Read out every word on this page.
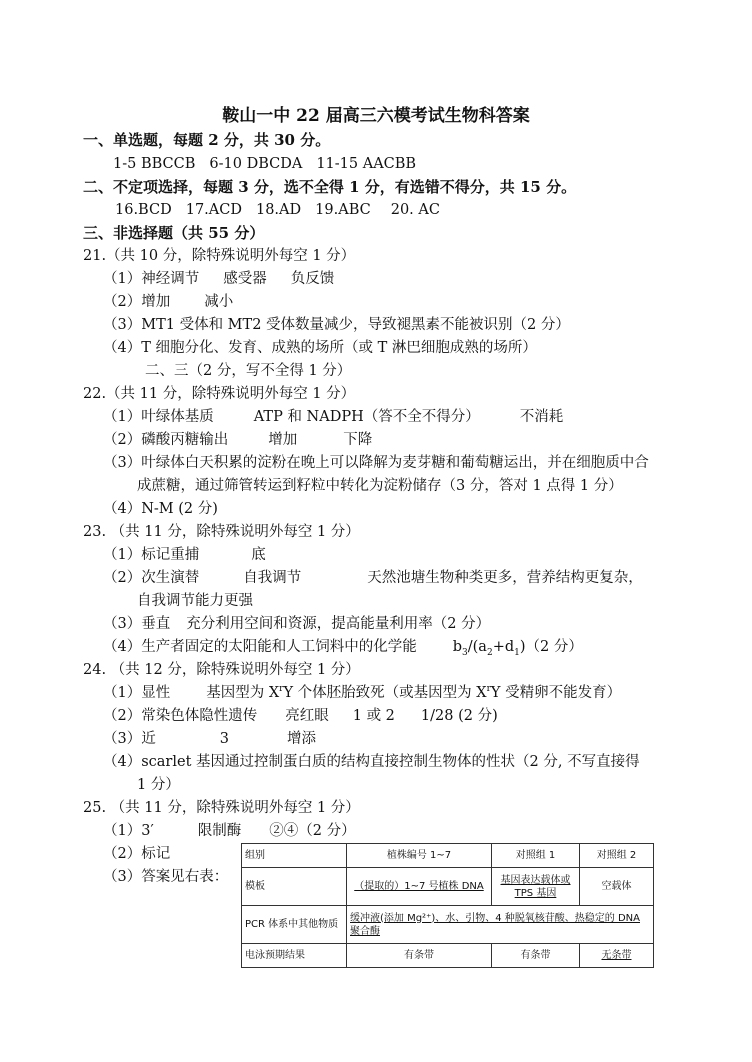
鞍山一中 22 届高三六模考试生物科答案
一、单选题，每题 2 分，共 30 分。
1-5 BBCCB 6-10 DBCDA 11-15 AACBB
二、不定项选择，每题 3 分，选不全得 1 分，有选错不得分，共 15 分。
16.BCD 17.ACD 18.AD 19.ABC 20. AC
三、非选择题（共 55 分）
21.（共 10 分，除特殊说明外每空 1 分）
（1）神经调节 感受器 负反馈
（2）增加 减小
（3）MT1 受体和 MT2 受体数量减少，导致褪黑素不能被识别（2 分）
（4）T 细胞分化、发育、成熟的场所（或 T 淋巴细胞成熟的场所）
二、三（2 分，写不全得 1 分）
22.（共 11 分，除特殊说明外每空 1 分）
（1）叶绿体基质	ATP 和 NADPH（答不全不得分）	不消耗
（2）磷酸丙糖输出	增加	下降
（3）叶绿体白天积累的淀粉在晚上可以降解为麦芽糖和葡萄糖运出，并在细胞质中合
成蔗糖，通过筛管转运到籽粒中转化为淀粉储存（3 分，答对 1 点得 1 分）
（4）N-M (2 分)
23. （共 11 分，除特殊说明外每空 1 分）
（1）标记重捕	底
（2）次生演替	自我调节	天然池塘生物种类更多，营养结构更复杂，
自我调节能力更强
（3）垂直 充分利用空间和资源，提高能量利用率（2 分）
（4）生产者固定的太阳能和人工饲料中的化学能 $b_3/(a_2+d_1)(2$ 分）
24. （共 12 分，除特殊说明外每空 1 分）
（1）显性 基因型为 $X^rY$ 个体胚胎致死（或基因型为 $X^rY$ 受精卵不能发育）
（2）常染色体隐性遗传 亮红眼 1 或 2 1/28 (2 分)
（3）近	3	增添
（4）scarlet 基因通过控制蛋白质的结构直接控制生物体的性状（2 分, 不写直接得
1 分）
25. （共 11 分，除特殊说明外每空 1 分）
（1）3′	限制酶 ②④（2 分）
（2）标记
（3）答案见右表：
组别	植株编号 1~7	对照组 1	对照组 2
模板	（提取的）1~7 号植株 DNA	基因表达载体或 TPS 基因	空载体
PCR 体系中其他物质	缓冲液(添加 Mg²⁺)、水、引物、4 种脱氧核苷酸、热稳定的 DNA 聚合酶		
电泳预期结果	有条带	有条带	无条带
